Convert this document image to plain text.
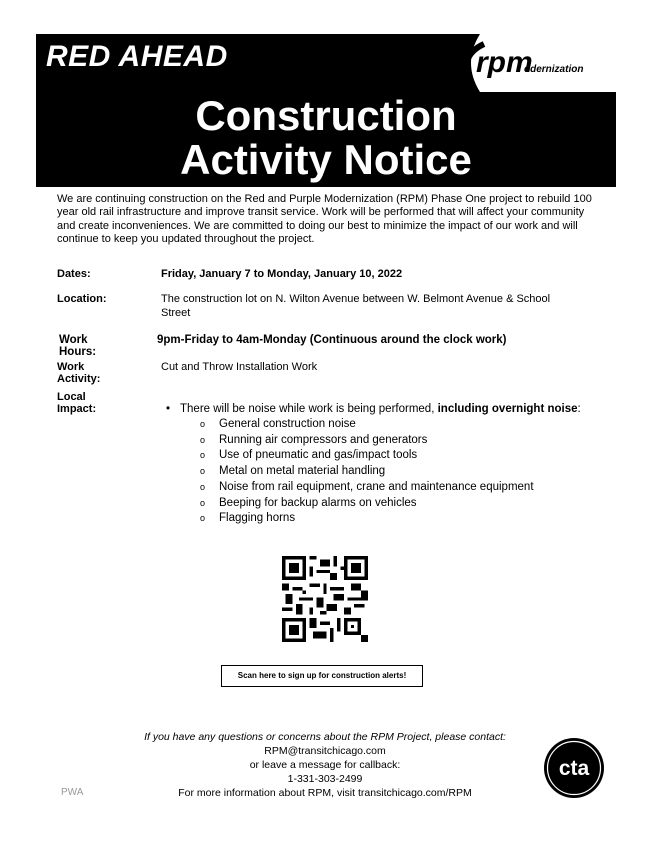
RED AHEAD	rpm
odernization
Construction
Activity Notice
We are continuing construction on the Red and Purple Modernization (RPM) Phase One project to rebuild 100 year old rail infrastructure and improve transit service. Work will be performed that will affect your community and create inconveniences. We are committed to doing our best to minimize the impact of our work and will continue to keep you updated throughout the project.
Dates:	Friday, January 7 to Monday, January 10, 2022
Location:	The construction lot on N. Wilton Avenue between W. Belmont Avenue & School
Street
Work Hours:
9pm-Friday to 4am-Monday (Continuous around the clock work)
Work Activity:
Cut and Throw Installation Work
Local Impact:
•	There will be noise while work is being performed, including overnight noise:
o General construction noise
o Running air compressors and generators
o Use of pneumatic and gas/impact tools
o Metal on metal material handling
o Noise from rail equipment, crane and maintenance equipment
o Beeping for backup alarms on vehicles
o Flagging horns
Scan here to sign up for construction alerts!
If you have any questions or concerns about the RPM Project, please contact:
RPM@transitchicago.com
or leave a message for callback:
1-331-303-2499
For more information about RPM, visit transitchicago.com/RPM
PWA
cta
